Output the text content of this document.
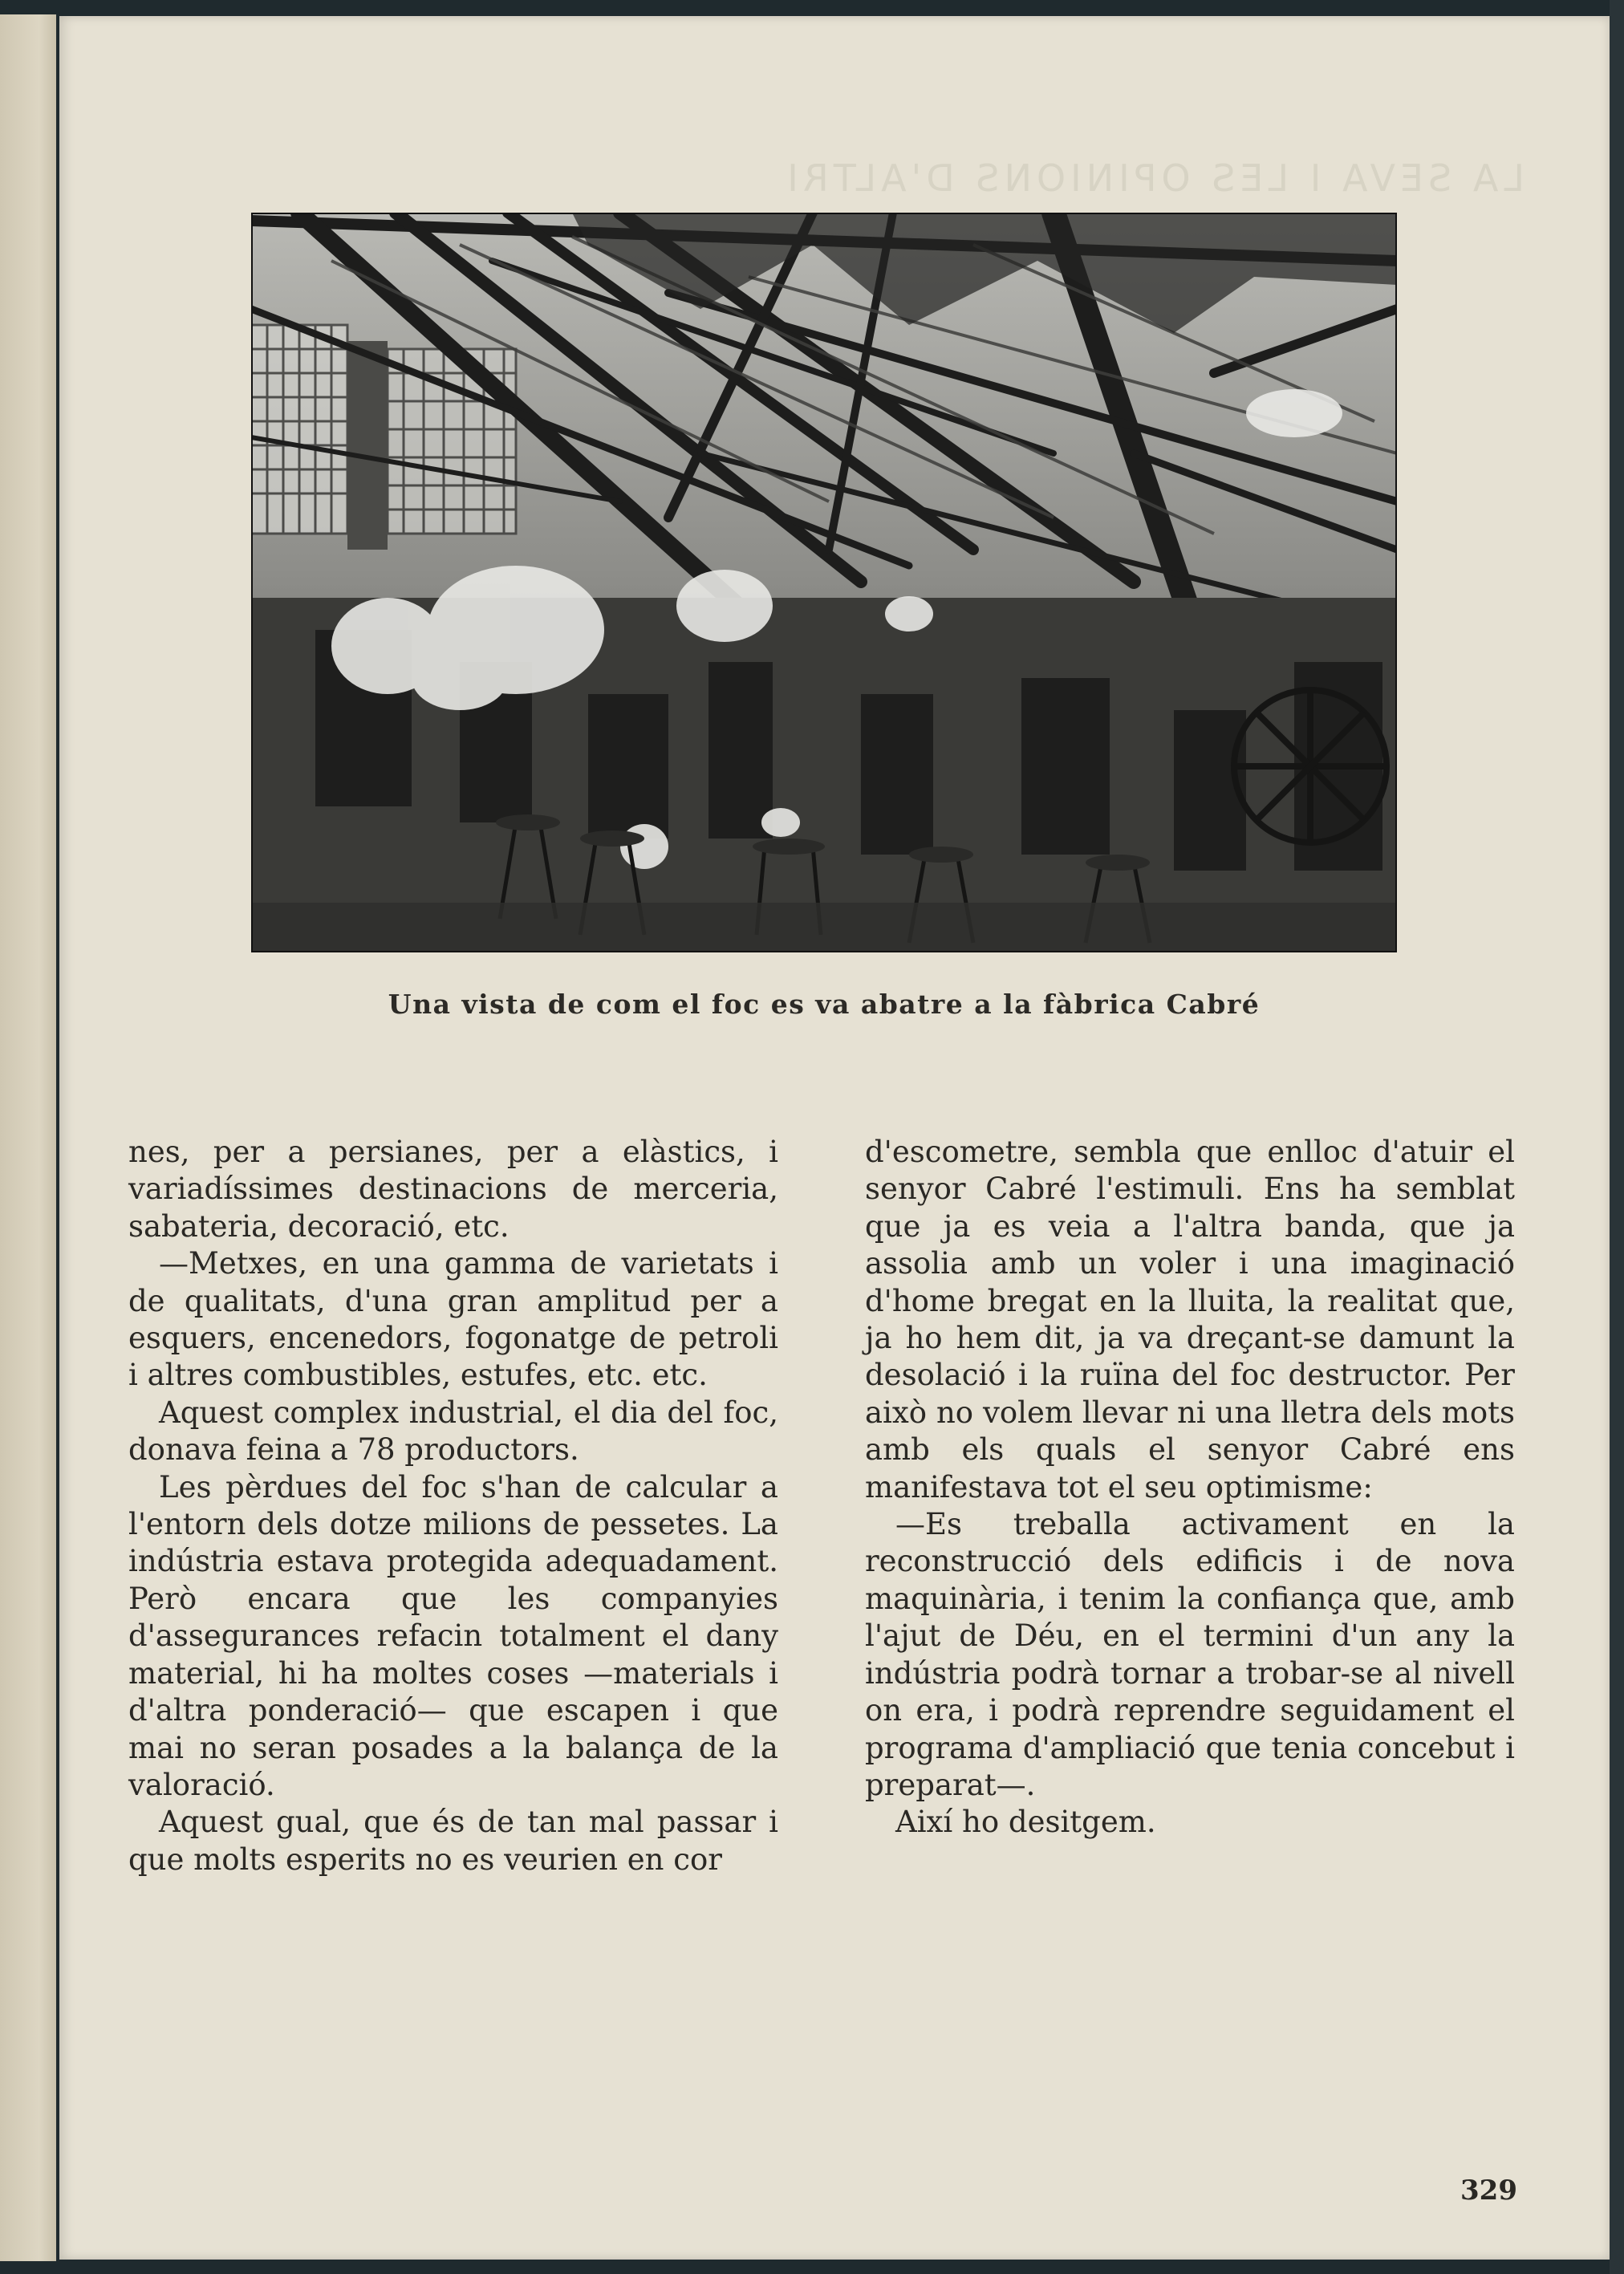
LA SEVA I LES OPINIONS D'ALTRI
Una vista de com el foc es va abatre a la fàbrica Cabré

nes, per a persianes, per a elàstics, i variadíssimes destinacions de merceria, sabateria, decoració, etc.

—Metxes, en una gamma de varietats i de qualitats, d'una gran amplitud per a esquers, encenedors, fogonatge de petroli i altres combustibles, estufes, etc. etc.

Aquest complex industrial, el dia del foc, donava feina a 78 productors.

Les pèrdues del foc s'han de calcular a l'entorn dels dotze milions de pessetes. La indústria estava protegida adequadament. Però encara que les companyies d'assegurances refacin totalment el dany material, hi ha moltes coses —materials i d'altra ponderació— que escapen i que mai no seran posades a la balança de la valoració.

Aquest gual, que és de tan mal passar i que molts esperits no es veurien en cor

d'escometre, sembla que enlloc d'atuir el senyor Cabré l'estimuli. Ens ha semblat que ja es veia a l'altra banda, que ja assolia amb un voler i una imaginació d'home bregat en la lluita, la realitat que, ja ho hem dit, ja va dreçant-se damunt la desolació i la ruïna del foc destructor. Per això no volem llevar ni una lletra dels mots amb els quals el senyor Cabré ens manifestava tot el seu optimisme:

—Es treballa activament en la reconstrucció dels edificis i de nova maquinària, i tenim la confiança que, amb l'ajut de Déu, en el termini d'un any la indústria podrà tornar a trobar-se al nivell on era, i podrà reprendre seguidament el programa d'ampliació que tenia concebut i preparat—.

Així ho desitgem.

329
